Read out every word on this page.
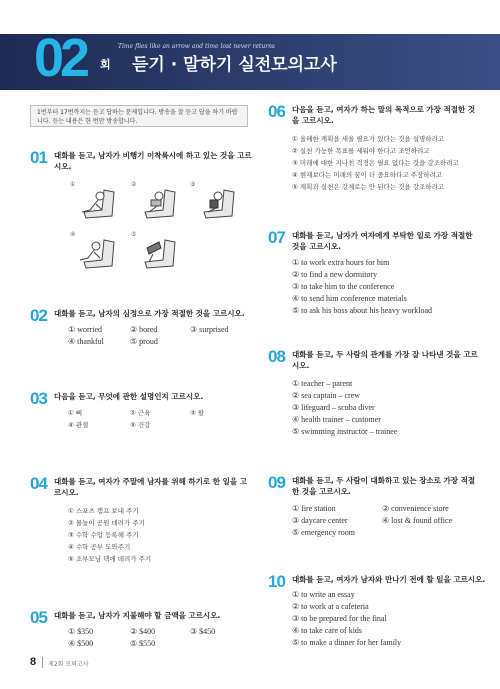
Time flies like an arrow and time lost never returns
02 회 듣기 · 말하기 실전모의고사
1번부터 17번까지는 듣고 답하는 문제입니다. 방송을 잘 듣고 답을 하기 바랍니다. 듣는 내용은 한 번만 방송합니다.
01 대화를 듣고, 남자가 비행기 이착륙시에 하고 있는 것을 고르시오.
①	②	③
④	⑤
02 대화를 듣고, 남자의 심정으로 가장 적절한 것을 고르시오.
① worried	② bored	③ surprised
④ thankful	⑤ proud
03 다음을 듣고, 무엇에 관한 설명인지 고르시오.
① 뼈	② 근육	③ 팔
④ 관절	⑤ 건강
04 대화를 듣고, 여자가 주말에 남자를 위해 하기로 한 일을 고르시오.
① 스포츠 캠프 보내 주기
② 물놀이 공원 데려가 주기
③ 수학 수업 등록해 주기
④ 수학 공부 도와주기
⑤ 조부모님 댁에 데려가 주기
05 대화를 듣고, 남자가 지불해야 할 금액을 고르시오.
① $350	② $400	③ $450
④ $500	⑤ $550
06 다음을 듣고, 여자가 하는 말의 목적으로 가장 적절한 것을 고르시오.
① 올해한 계획을 새울 필요가 있다는 것을 설명하려고
② 실천 가능한 목표를 세워야 한다고 조언하려고
③ 미래에 대한 지나친 걱정은 필요 없다는 것을 강조하려고
④ 현재보다는 미래의 꿈이 더 중요하다고 주장하려고
⑤ 계획과 실천은 강제로는 안 된다는 것을 강조하려고
07 대화를 듣고, 남자가 여자에게 부탁한 일로 가장 적절한 것을 고르시오.
① to work extra hours for him
② to find a new dormitory
③ to take him to the conference
④ to send him conference materials
⑤ to ask his boss about his heavy workload
08 대화를 듣고, 두 사람의 관계를 가장 잘 나타낸 것을 고르시오.
① teacher – parent
② sea captain – crew
③ lifeguard – scuba diver
④ health trainer – customer
⑤ swimming instructor – trainee
09 대화를 듣고, 두 사람이 대화하고 있는 장소로 가장 적절한 것을 고르시오.
① fire station	② convenience store
③ daycare center	④ lost & found office
⑤ emergency room
10 대화를 듣고, 여자가 남자와 만나기 전에 할 일을 고르시오.
① to write an essay
② to work at a cafeteria
③ to be prepared for the final
④ to take care of kids
⑤ to make a dinner for her family
8 제2회 모의고사
